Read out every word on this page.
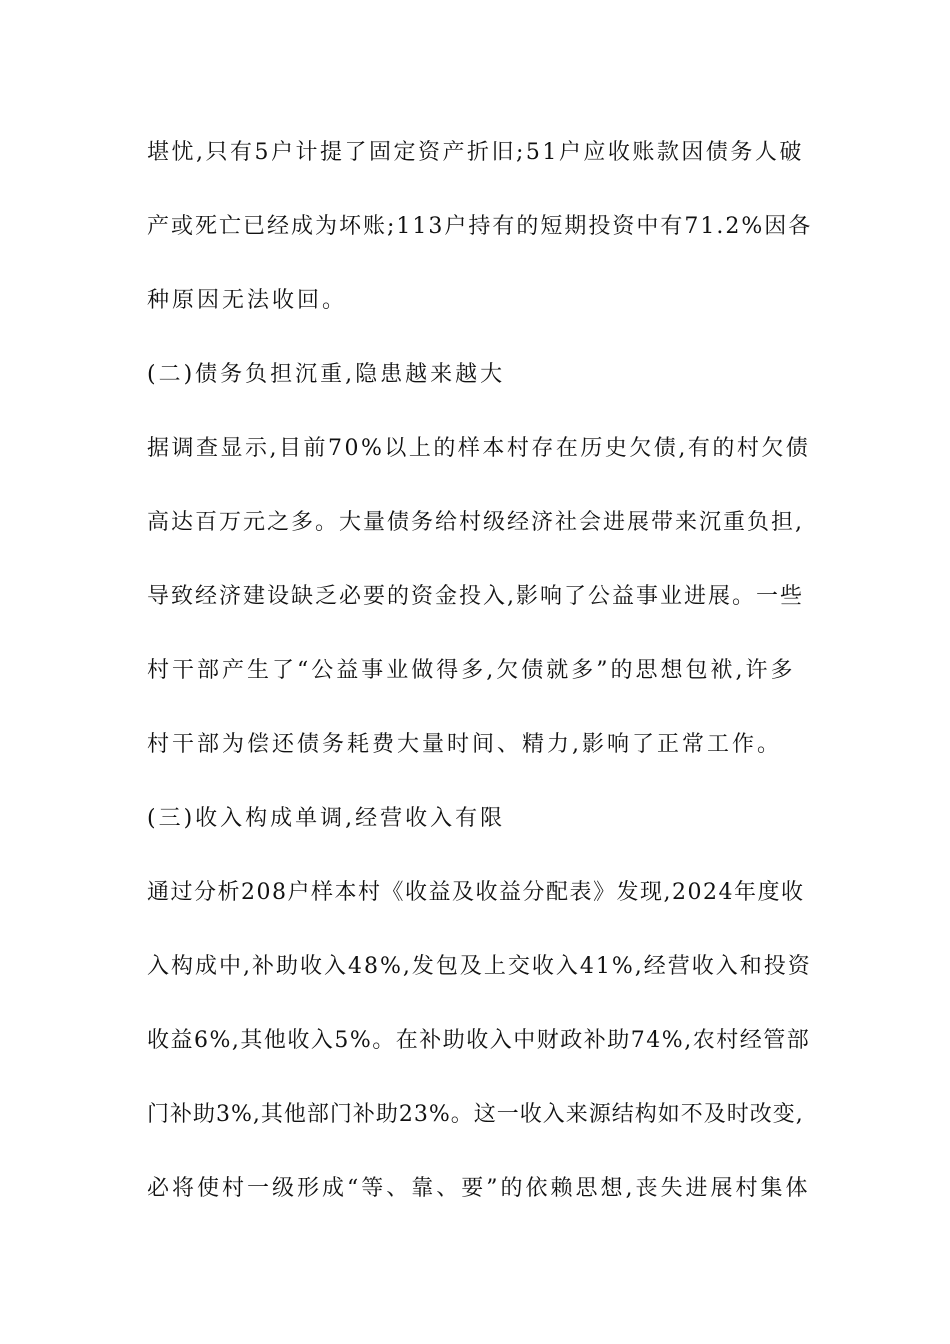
堪忧,只有5户计提了固定资产折旧;51户应收账款因债务人破
产或死亡已经成为坏账;113户持有的短期投资中有71.2%因各
种原因无法收回。
(二)债务负担沉重,隐患越来越大
据调查显示,目前70%以上的样本村存在历史欠债,有的村欠债
高达百万元之多。大量债务给村级经济社会进展带来沉重负担,
导致经济建设缺乏必要的资金投入,影响了公益事业进展。一些
村干部产生了“公益事业做得多,欠债就多”的思想包袱,许多
村干部为偿还债务耗费大量时间、精力,影响了正常工作。
(三)收入构成单调,经营收入有限
通过分析208户样本村《收益及收益分配表》发现,2024年度收
入构成中,补助收入48%,发包及上交收入41%,经营收入和投资
收益6%,其他收入5%。在补助收入中财政补助74%,农村经管部
门补助3%,其他部门补助23%。这一收入来源结构如不及时改变,
必将使村一级形成“等、靠、要”的依赖思想,丧失进展村集体
